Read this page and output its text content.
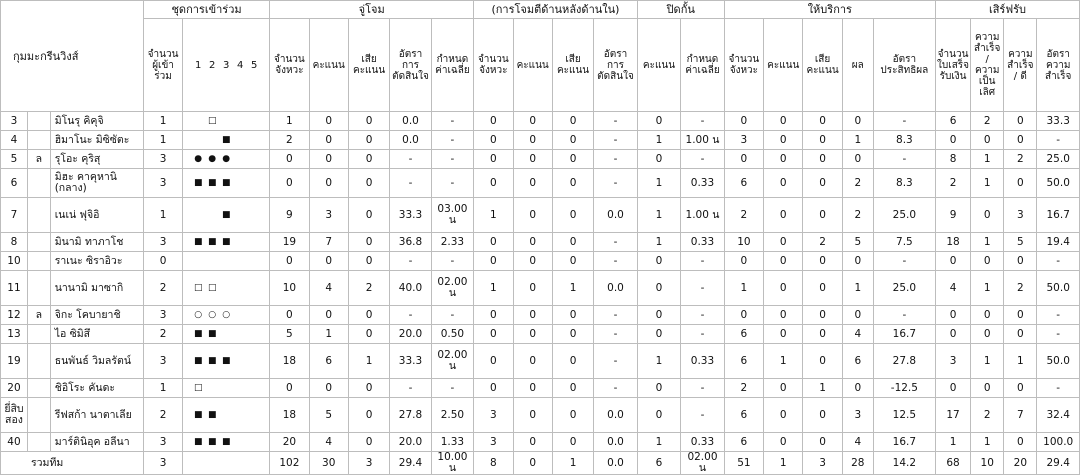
กุมมะกรีนวิงส์			ชุดการเข้าร่วม		จู่โจม					(การโจมตีด้านหลังด้านใน)				ปิดกั้น		ให้บริการ					เสิร์ฟรับ			
			จำนวนผู้เข้าร่วม	1 2 3 4 5	จำนวนจังหวะ	คะแนน	เสียคะแนน	อัตราการตัดสินใจ	กำหนดค่าเฉลี่ย	จำนวนจังหวะ	คะแนน	เสียคะแนน	อัตราการตัดสินใจ	คะแนน	กำหนดค่าเฉลี่ย	จำนวนจังหวะ	คะแนน	เสียคะแนน	ผล	อัตราประสิทธิผล	จำนวนใบเสร็จรับเงิน	ความสำเร็จ / ความเป็นเลิศ	ความสำเร็จ / ดี	อัตราความสำเร็จ
3		มิโนรุ คิคุจิ	1	□	1	0	0	0.0	-	0	0	0	-	0	-	0	0	0	0	-	6	2	0	33.3
4		ฮิมาโนะ มิซิซัตะ	1	■	2	0	0	0.0	-	0	0	0	-	1	1.00 น	3	0	0	1	8.3	0	0	0	-
5	ล	รุโอะ คุริสุ	3	● ● ●	0	0	0	-	-	0	0	0	-	0	-	0	0	0	0	-	8	1	2	25.0
6		มิฮะ คาคุหานิ (กลาง)	3	■ ■ ■	0	0	0	-	-	0	0	0	-	1	0.33	6	0	0	2	8.3	2	1	0	50.0
7		เนเน่ ฟุจิอิ	1	■	9	3	0	33.3	03.00 น	1	0	0	0.0	1	1.00 น	2	0	0	2	25.0	9	0	3	16.7
8		มินามิ ทาภาโช	3	■ ■ ■	19	7	0	36.8	2.33	0	0	0	-	1	0.33	10	0	2	5	7.5	18	1	5	19.4
10		ราเนะ ซิราอิวะ	0		0	0	0	-	-	0	0	0	-	0	-	0	0	0	0	-	0	0	0	-
11		นานามิ มาซากิ	2	□ □	10	4	2	40.0	02.00 น	1	0	1	0.0	0	-	1	0	0	1	25.0	4	1	2	50.0
12	ล	จิกะ โคบายาชิ	3	○ ○ ○	0	0	0	-	-	0	0	0	-	0	-	0	0	0	0	-	0	0	0	-
13		ไอ ซิมิสึ	2	■ ■	5	1	0	20.0	0.50	0	0	0	-	0	-	6	0	0	4	16.7	0	0	0	-
19		ธนพันธ์ วิมลรัตน์	3	■ ■ ■	18	6	1	33.3	02.00 น	0	0	0	-	1	0.33	6	1	0	6	27.8	3	1	1	50.0
20		ชิอิโระ คันดะ	1	□	0	0	0	-	-	0	0	0	-	0	-	2	0	1	0	-12.5	0	0	0	-
ยี่สิบสอง		รีฟสก้า นาตาเลีย	2	■ ■	18	5	0	27.8	2.50	3	0	0	0.0	0	-	6	0	0	3	12.5	17	2	7	32.4
40		มาร์ตินิอุค อลีนา	3	■ ■ ■	20	4	0	20.0	1.33	3	0	0	0.0	1	0.33	6	0	0	4	16.7	1	1	0	100.0
รวมทีม			3		102	30	3	29.4	10.00 น	8	0	1	0.0	6	02.00 น	51	1	3	28	14.2	68	10	20	29.4
